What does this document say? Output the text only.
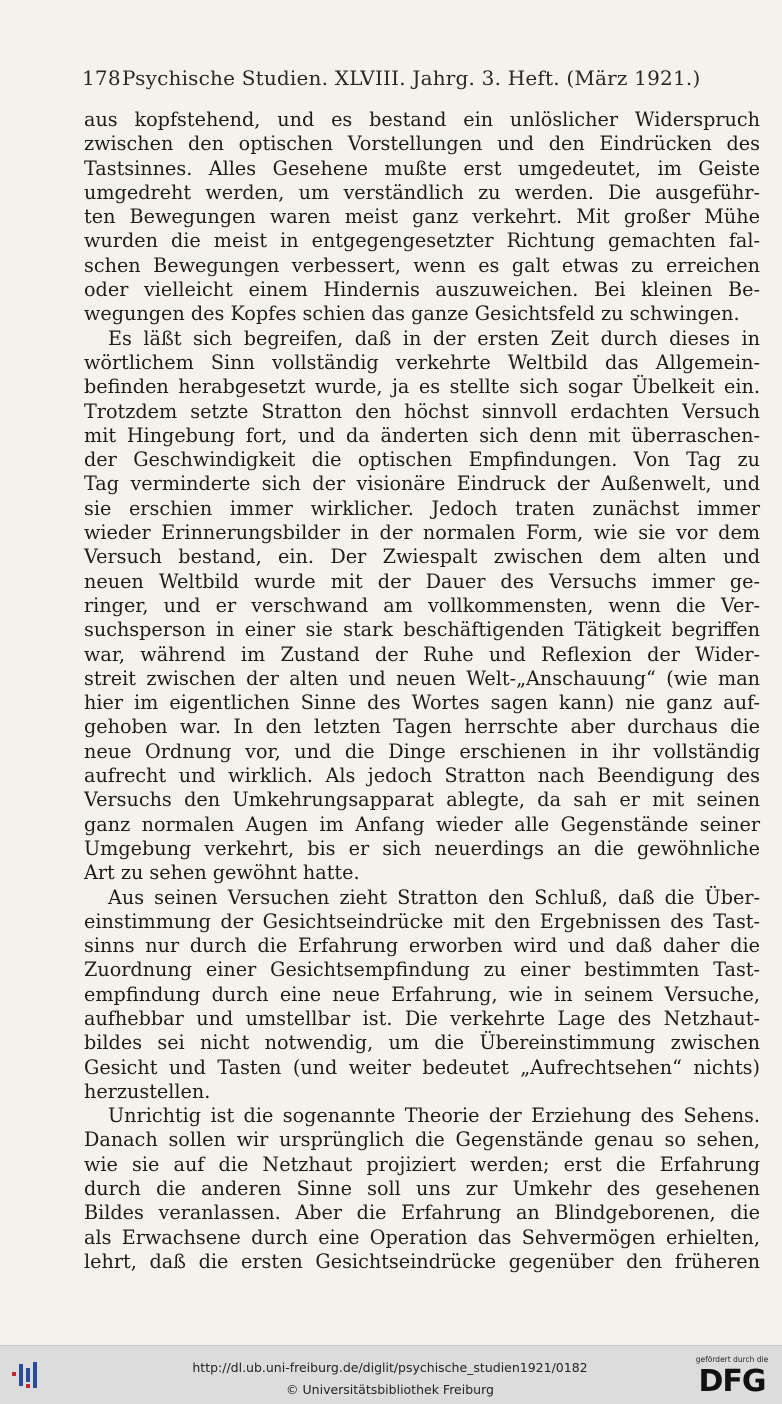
178Psychische Studien. XLVIII. Jahrg. 3. Heft. (März 1921.)
aus kopfstehend, und es bestand ein unlöslicher Widerspruch
zwischen den optischen Vorstellungen und den Eindrücken des
Tastsinnes. Alles Gesehene mußte erst umgedeutet, im Geiste
umgedreht werden, um verständlich zu werden. Die ausgeführ-
ten Bewegungen waren meist ganz verkehrt. Mit großer Mühe
wurden die meist in entgegengesetzter Richtung gemachten fal-
schen Bewegungen verbessert, wenn es galt etwas zu erreichen
oder vielleicht einem Hindernis auszuweichen. Bei kleinen Be-
wegungen des Kopfes schien das ganze Gesichtsfeld zu schwingen.
Es läßt sich begreifen, daß in der ersten Zeit durch dieses in
wörtlichem Sinn vollständig verkehrte Weltbild das Allgemein-
befinden herabgesetzt wurde, ja es stellte sich sogar Übelkeit ein.
Trotzdem setzte Stratton den höchst sinnvoll erdachten Versuch
mit Hingebung fort, und da änderten sich denn mit überraschen-
der Geschwindigkeit die optischen Empfindungen. Von Tag zu
Tag verminderte sich der visionäre Eindruck der Außenwelt, und
sie erschien immer wirklicher. Jedoch traten zunächst immer
wieder Erinnerungsbilder in der normalen Form, wie sie vor dem
Versuch bestand, ein. Der Zwiespalt zwischen dem alten und
neuen Weltbild wurde mit der Dauer des Versuchs immer ge-
ringer, und er verschwand am vollkommensten, wenn die Ver-
suchsperson in einer sie stark beschäftigenden Tätigkeit begriffen
war, während im Zustand der Ruhe und Reflexion der Wider-
streit zwischen der alten und neuen Welt-„Anschauung“ (wie man
hier im eigentlichen Sinne des Wortes sagen kann) nie ganz auf-
gehoben war. In den letzten Tagen herrschte aber durchaus die
neue Ordnung vor, und die Dinge erschienen in ihr vollständig
aufrecht und wirklich. Als jedoch Stratton nach Beendigung des
Versuchs den Umkehrungsapparat ablegte, da sah er mit seinen
ganz normalen Augen im Anfang wieder alle Gegenstände seiner
Umgebung verkehrt, bis er sich neuerdings an die gewöhnliche
Art zu sehen gewöhnt hatte.
Aus seinen Versuchen zieht Stratton den Schluß, daß die Über-
einstimmung der Gesichtseindrücke mit den Ergebnissen des Tast-
sinns nur durch die Erfahrung erworben wird und daß daher die
Zuordnung einer Gesichtsempfindung zu einer bestimmten Tast-
empfindung durch eine neue Erfahrung, wie in seinem Versuche,
aufhebbar und umstellbar ist. Die verkehrte Lage des Netzhaut-
bildes sei nicht notwendig, um die Übereinstimmung zwischen
Gesicht und Tasten (und weiter bedeutet „Aufrechtsehen“ nichts)
herzustellen.
Unrichtig ist die sogenannte Theorie der Erziehung des Sehens.
Danach sollen wir ursprünglich die Gegenstände genau so sehen,
wie sie auf die Netzhaut projiziert werden; erst die Erfahrung
durch die anderen Sinne soll uns zur Umkehr des gesehenen
Bildes veranlassen. Aber die Erfahrung an Blindgeborenen, die
als Erwachsene durch eine Operation das Sehvermögen erhielten,
lehrt, daß die ersten Gesichtseindrücke gegenüber den früheren
http://dl.ub.uni-freiburg.de/diglit/psychische_studien1921/0182
© Universitätsbibliothek Freiburg
gefördert durch die
DFG
